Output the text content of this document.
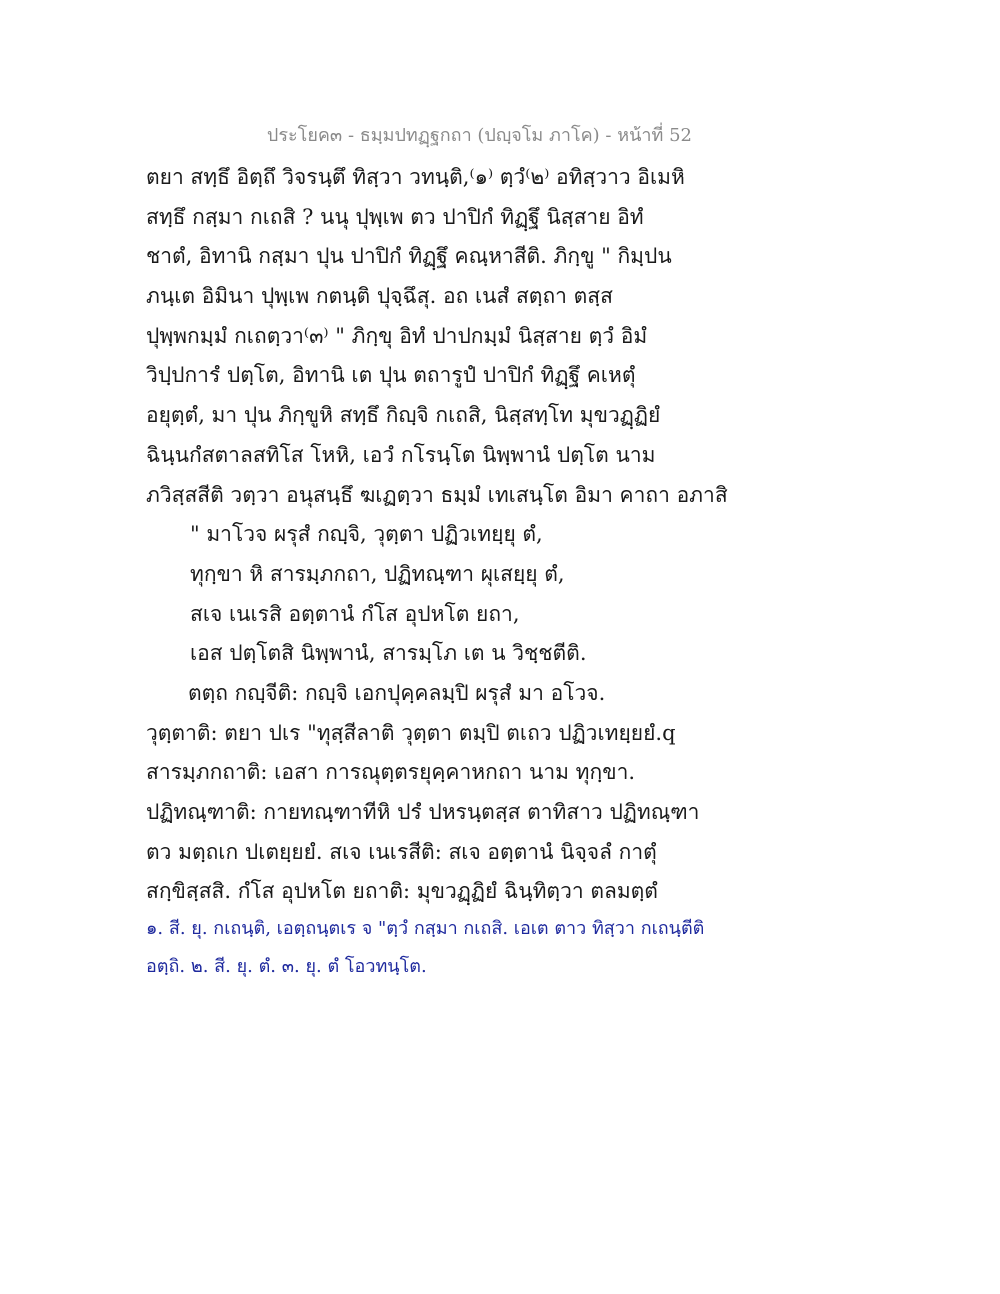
ประโยค๓ - ธมฺมปทฏฺฐกถา (ปญฺจโม ภาโค) - หน้าที่ 52
ตยา สทฺธึ อิตฺถึ วิจรนฺตึ ทิสฺวา วทนฺติ,⁽๑⁾ ตฺวํ⁽๒⁾ อทิสฺวาว อิเมหิ
สทฺธึ กสฺมา กเถสิ ? นนุ ปุพฺเพ ตว ปาปิกํ ทิฏฺฐึ นิสฺสาย อิทํ
ชาตํ, อิทานิ กสฺมา ปุน ปาปิกํ ทิฏฺฐึ คณฺหาสีติ. ภิกฺขู " กิมฺปน
ภนฺเต อิมินา ปุพฺเพ กตนฺติ ปุจฺฉึสุ. อถ เนสํ สตฺถา ตสฺส
ปุพฺพกมฺมํ กเถตฺวา⁽๓⁾ " ภิกฺขุ อิทํ ปาปกมฺมํ นิสฺสาย ตฺวํ อิมํ
วิปฺปการํ ปตฺโต, อิทานิ เต ปุน ตถารูปํ ปาปิกํ ทิฏฺฐึ คเหตุํ
อยุตฺตํ, มา ปุน ภิกฺขูหิ สทฺธึ กิญฺจิ กเถสิ, นิสฺสทฺโท มุขวฏฺฏิยํ
ฉินฺนกํสตาลสทิโส โหหิ, เอวํ กโรนฺโต นิพฺพานํ ปตฺโต นาม
ภวิสฺสสีติ วตฺวา อนุสนฺธึ ฆเฏตฺวา ธมฺมํ เทเสนฺโต อิมา คาถา อภาสิ
" มาโวจ ผรุสํ กญฺจิ, วุตฺตา ปฏิวเทยฺยุ ตํ,
ทุกฺขา หิ สารมฺภกถา, ปฏิทณฺฑา ผุเสยฺยุ ตํ,
สเจ เนเรสิ อตฺตานํ กํโส อุปหโต ยถา,
เอส ปตฺโตสิ นิพฺพานํ, สารมฺโภ เต น วิชฺชตีติ.
ตตฺถ กญฺจีติ: กญฺจิ เอกปุคฺคลมฺปิ ผรุสํ มา อโวจ.
วุตฺตาติ: ตยา ปเร "ทุสฺสีลาติ วุตฺตา ตมฺปิ ตเถว ปฏิวเทยฺยยํ.q
สารมฺภกถาติ: เอสา การณุตฺตรยุคฺคาหกถา นาม ทุกฺขา.
ปฏิทณฺฑาติ: กายทณฺฑาทีหิ ปรํ ปหรนฺตสฺส ตาทิสาว ปฏิทณฺฑา
ตว มตฺถเก ปเตยฺยยํ. สเจ เนเรสีติ: สเจ อตฺตานํ นิจฺจลํ กาตุํ
สกฺขิสฺสสิ. กํโส อุปหโต ยถาติ: มุขวฏฺฏิยํ ฉินฺทิตฺวา ตลมตฺตํ
๑. สี. ยุ. กเถนฺติ, เอตฺถนฺตเร จ "ตฺวํ กสฺมา กเถสิ. เอเต ตาว ทิสฺวา กเถนฺตีติ
อตฺถิ. ๒. สี. ยุ. ตํ. ๓. ยุ. ตํ โอวทนฺโต.
